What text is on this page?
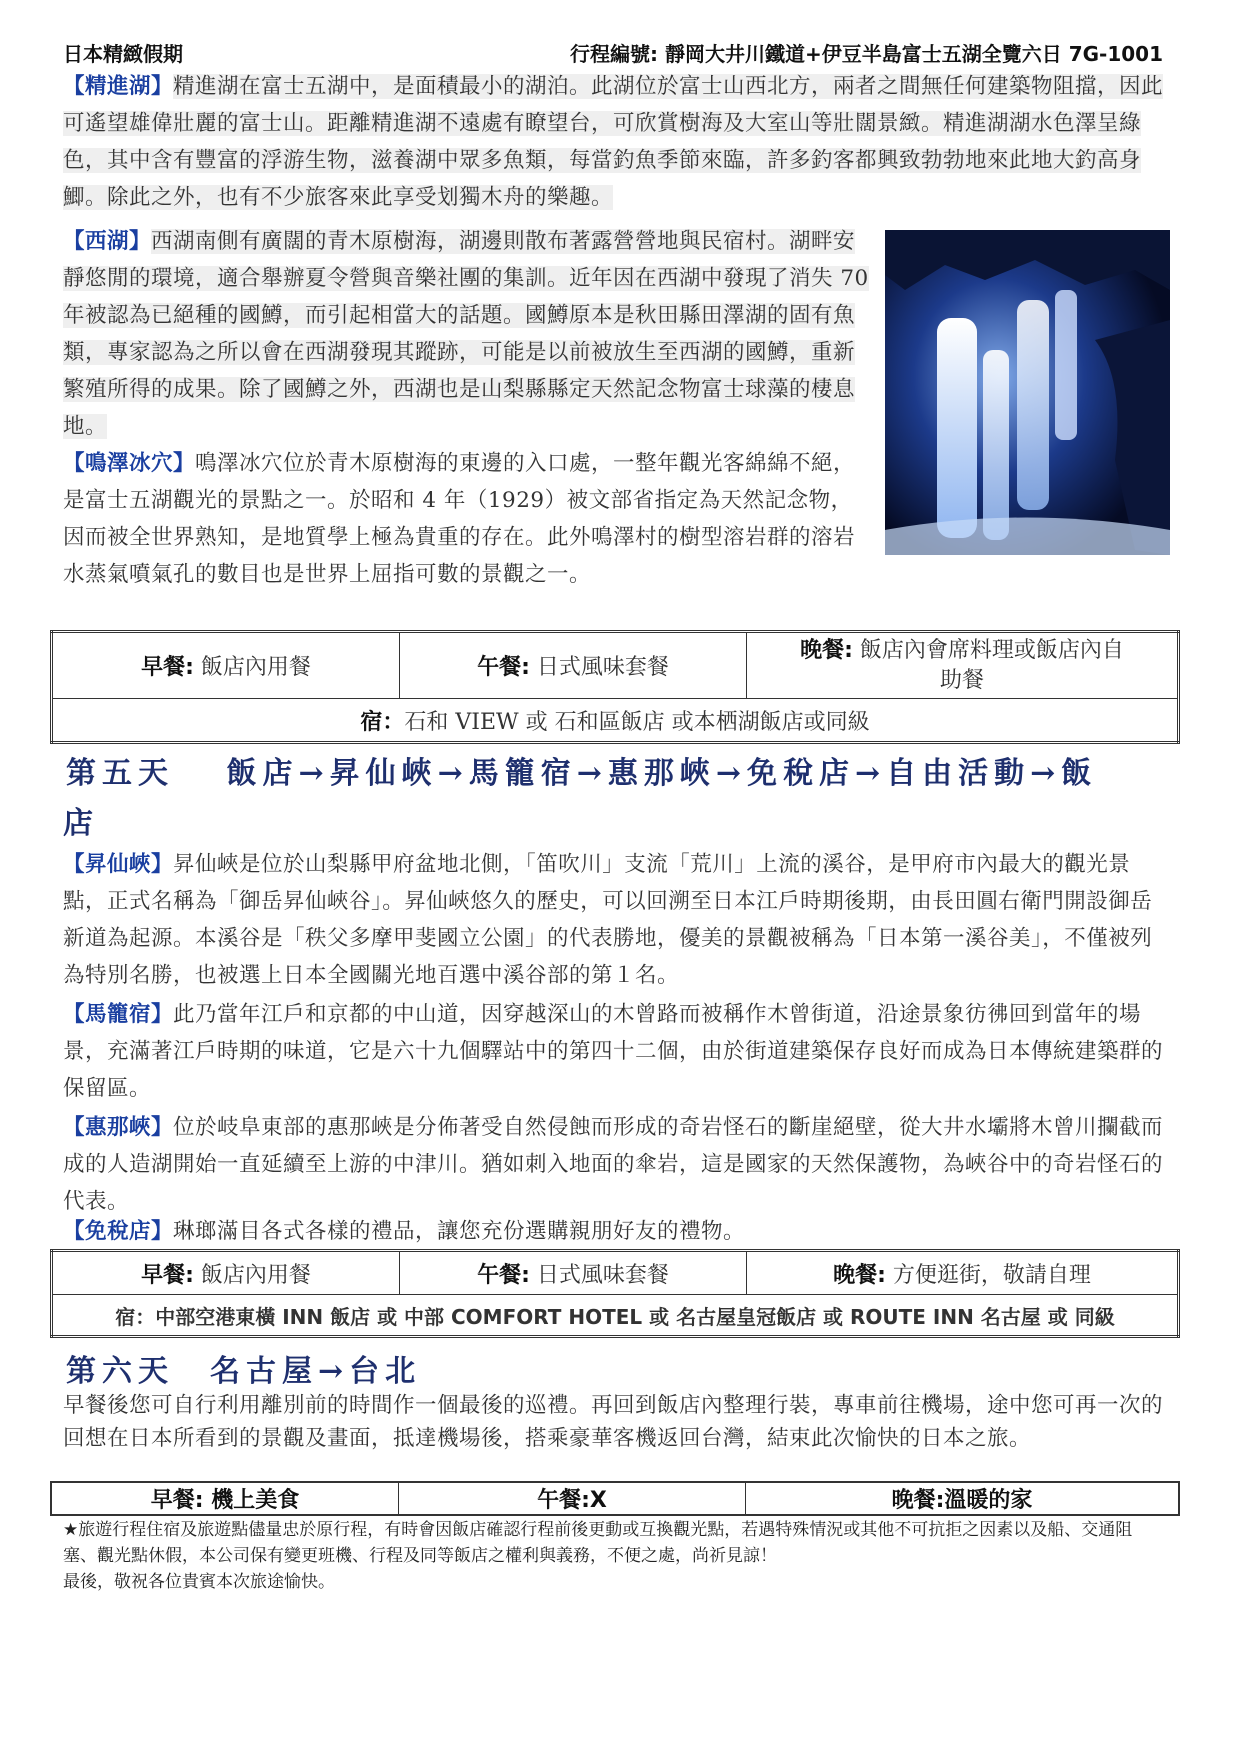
日本精緻假期	行程編號: 靜岡大井川鐵道+伊豆半島富士五湖全覽六日 7G-1001
【精進湖】精進湖在富士五湖中，是面積最小的湖泊。此湖位於富士山西北方，兩者之間無任何建築物阻擋，因此可遙望雄偉壯麗的富士山。距離精進湖不遠處有瞭望台，可欣賞樹海及大室山等壯闊景緻。精進湖湖水色澤呈綠色，其中含有豐富的浮游生物，滋養湖中眾多魚類，每當釣魚季節來臨，許多釣客都興致勃勃地來此地大釣高身鯽。除此之外，也有不少旅客來此享受划獨木舟的樂趣。
【西湖】西湖南側有廣闊的青木原樹海，湖邊則散布著露營營地與民宿村。湖畔安靜悠閒的環境，適合舉辦夏令營與音樂社團的集訓。近年因在西湖中發現了消失 70 年被認為已絕種的國鱒，而引起相當大的話題。國鱒原本是秋田縣田澤湖的固有魚類，專家認為之所以會在西湖發現其蹤跡，可能是以前被放生至西湖的國鱒，重新繁殖所得的成果。除了國鱒之外，西湖也是山梨縣縣定天然記念物富士球藻的棲息地。
【鳴澤冰穴】鳴澤冰穴位於青木原樹海的東邊的入口處，一整年觀光客綿綿不絕，是富士五湖觀光的景點之一。於昭和 4 年（1929）被文部省指定為天然記念物，因而被全世界熟知，是地質學上極為貴重的存在。此外鳴澤村的樹型溶岩群的溶岩水蒸氣噴氣孔的數目也是世界上屈指可數的景觀之一。
早餐: 飯店內用餐	午餐: 日式風味套餐	晚餐: 飯店內會席料理或飯店內自
助餐
宿：石和 VIEW 或 石和區飯店 或本栖湖飯店或同級
第五天　 飯店→昇仙峽→馬籠宿→惠那峽→免稅店→自由活動→飯
店
【昇仙峽】昇仙峽是位於山梨縣甲府盆地北側，「笛吹川」支流「荒川」上流的溪谷，是甲府市內最大的觀光景點，正式名稱為「御岳昇仙峽谷」。昇仙峽悠久的歷史，可以回溯至日本江戶時期後期，由長田圓右衛門開設御岳新道為起源。本溪谷是「秩父多摩甲斐國立公園」的代表勝地，優美的景觀被稱為「日本第一溪谷美」，不僅被列為特別名勝，也被選上日本全國關光地百選中溪谷部的第１名。
【馬籠宿】此乃當年江戶和京都的中山道，因穿越深山的木曾路而被稱作木曾街道，沿途景象彷彿回到當年的場景，充滿著江戶時期的味道，它是六十九個驛站中的第四十二個，由於街道建築保存良好而成為日本傳統建築群的保留區。
【惠那峽】位於岐阜東部的惠那峽是分佈著受自然侵蝕而形成的奇岩怪石的斷崖絕壁，從大井水壩將木曾川攔截而成的人造湖開始一直延續至上游的中津川。猶如刺入地面的傘岩，這是國家的天然保護物，為峽谷中的奇岩怪石的代表。
【免稅店】琳瑯滿目各式各樣的禮品，讓您充份選購親朋好友的禮物。
早餐: 飯店內用餐	午餐: 日式風味套餐	晚餐: 方便逛街，敬請自理
宿：中部空港東橫 INN 飯店 或 中部 COMFORT HOTEL 或 名古屋皇冠飯店 或 ROUTE INN 名古屋 或 同級
第六天　名古屋→台北
早餐後您可自行利用離別前的時間作一個最後的巡禮。再回到飯店內整理行裝，專車前往機場，途中您可再一次的回想在日本所看到的景觀及畫面，抵達機場後，搭乘豪華客機返回台灣，結束此次愉快的日本之旅。
早餐: 機上美食	午餐:X	晚餐:溫暖的家
★旅遊行程住宿及旅遊點儘量忠於原行程，有時會因飯店確認行程前後更動或互換觀光點，若遇特殊情況或其他不可抗拒之因素以及船、交通阻塞、觀光點休假，本公司保有變更班機、行程及同等飯店之權利與義務，不便之處，尚祈見諒！
最後，敬祝各位貴賓本次旅途愉快。
